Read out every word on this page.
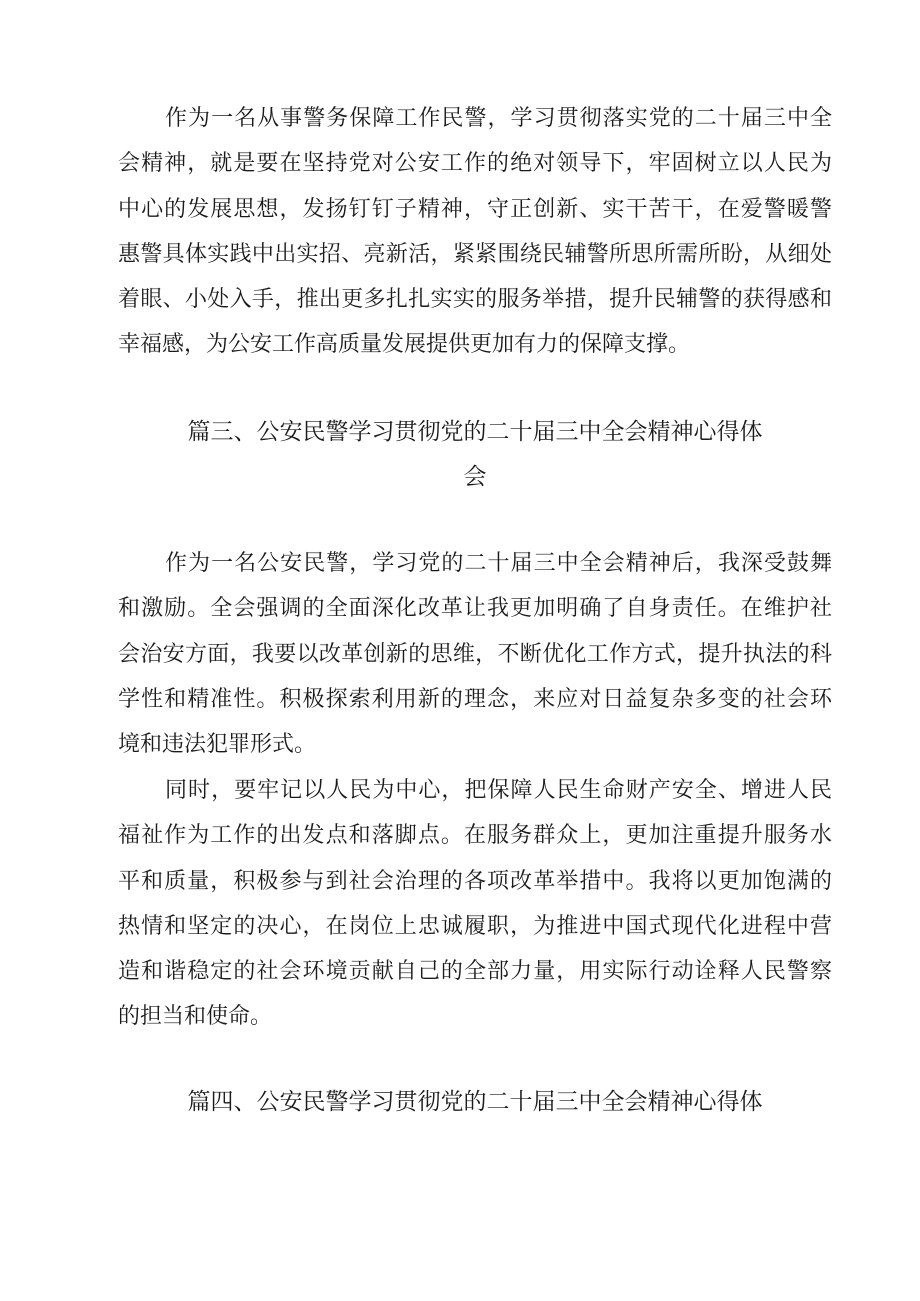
作为一名从事警务保障工作民警，学习贯彻落实党的二十届三中全
会精神，就是要在坚持党对公安工作的绝对领导下，牢固树立以人民为
中心的发展思想，发扬钉钉子精神，守正创新、实干苦干，在爱警暖警
惠警具体实践中出实招、亮新活，紧紧围绕民辅警所思所需所盼，从细处
着眼、小处入手，推出更多扎扎实实的服务举措，提升民辅警的获得感和
幸福感，为公安工作高质量发展提供更加有力的保障支撑。
篇三、公安民警学习贯彻党的二十届三中全会精神心得体
会
作为一名公安民警，学习党的二十届三中全会精神后，我深受鼓舞
和激励。全会强调的全面深化改革让我更加明确了自身责任。在维护社
会治安方面，我要以改革创新的思维，不断优化工作方式，提升执法的科
学性和精准性。积极探索利用新的理念，来应对日益复杂多变的社会环
境和违法犯罪形式。
同时，要牢记以人民为中心，把保障人民生命财产安全、增进人民
福祉作为工作的出发点和落脚点。在服务群众上，更加注重提升服务水
平和质量，积极参与到社会治理的各项改革举措中。我将以更加饱满的
热情和坚定的决心，在岗位上忠诚履职，为推进中国式现代化进程中营
造和谐稳定的社会环境贡献自己的全部力量，用实际行动诠释人民警察
的担当和使命。
篇四、公安民警学习贯彻党的二十届三中全会精神心得体
